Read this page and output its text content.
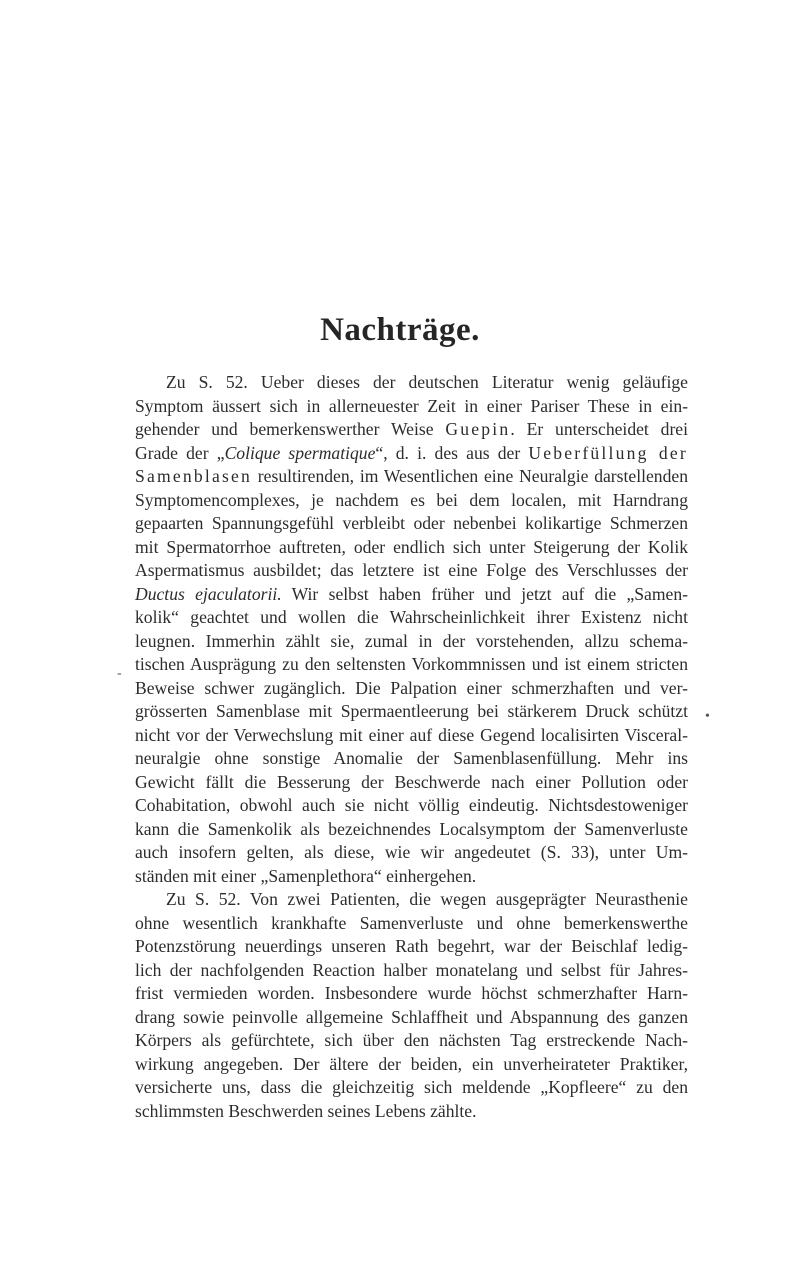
Nachträge.
Zu S. 52. Ueber dieses der deutschen Literatur wenig geläufige
Symptom äussert sich in allerneuester Zeit in einer Pariser These in ein-
gehender und bemerkenswerther Weise Guepin. Er unterscheidet drei
Grade der „Colique spermatique“, d. i. des aus der Ueberfüllung der
Samenblasen resultirenden, im Wesentlichen eine Neuralgie darstellenden
Symptomencomplexes, je nachdem es bei dem localen, mit Harndrang
gepaarten Spannungsgefühl verbleibt oder nebenbei kolikartige Schmerzen
mit Spermatorrhoe auftreten, oder endlich sich unter Steigerung der Kolik
Aspermatismus ausbildet; das letztere ist eine Folge des Verschlusses der
Ductus ejaculatorii. Wir selbst haben früher und jetzt auf die „Samen-
kolik“ geachtet und wollen die Wahrscheinlichkeit ihrer Existenz nicht
leugnen. Immerhin zählt sie, zumal in der vorstehenden, allzu schema-
tischen Ausprägung zu den seltensten Vorkommnissen und ist einem stricten
Beweise schwer zugänglich. Die Palpation einer schmerzhaften und ver-
grösserten Samenblase mit Spermaentleerung bei stärkerem Druck schützt
nicht vor der Verwechslung mit einer auf diese Gegend localisirten Visceral-
neuralgie ohne sonstige Anomalie der Samenblasenfüllung. Mehr ins
Gewicht fällt die Besserung der Beschwerde nach einer Pollution oder
Cohabitation, obwohl auch sie nicht völlig eindeutig. Nichtsdestoweniger
kann die Samenkolik als bezeichnendes Localsymptom der Samenverluste
auch insofern gelten, als diese, wie wir angedeutet (S. 33), unter Um-
ständen mit einer „Samenplethora“ einhergehen.
Zu S. 52. Von zwei Patienten, die wegen ausgeprägter Neurasthenie
ohne wesentlich krankhafte Samenverluste und ohne bemerkenswerthe
Potenzstörung neuerdings unseren Rath begehrt, war der Beischlaf ledig-
lich der nachfolgenden Reaction halber monatelang und selbst für Jahres-
frist vermieden worden. Insbesondere wurde höchst schmerzhafter Harn-
drang sowie peinvolle allgemeine Schlaffheit und Abspannung des ganzen
Körpers als gefürchtete, sich über den nächsten Tag erstreckende Nach-
wirkung angegeben. Der ältere der beiden, ein unverheirateter Praktiker,
versicherte uns, dass die gleichzeitig sich meldende „Kopfleere“ zu den
schlimmsten Beschwerden seines Lebens zählte.
-
•
